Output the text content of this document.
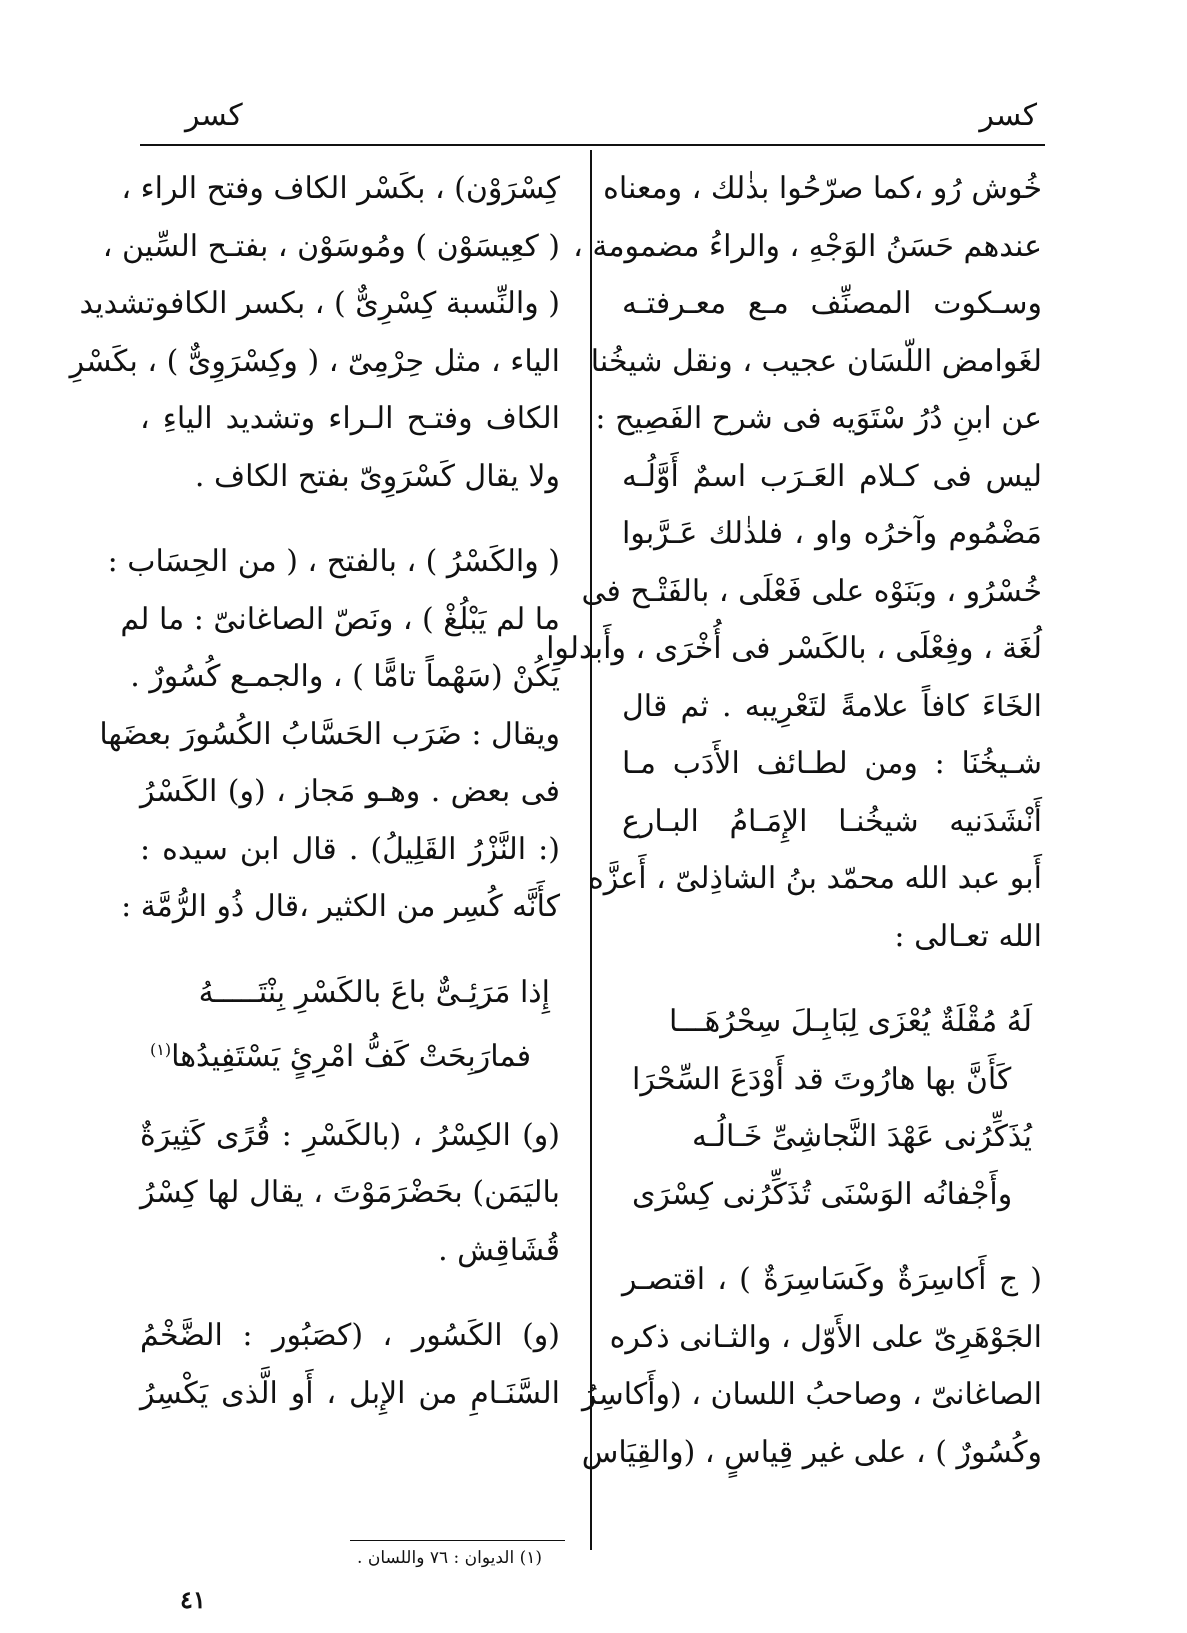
كسر
كسر
خُوش رُو ،كما صرّحُوا بذٰلك ، ومعناه
عندهم حَسَنُ الوَجْهِ ، والراءُ مضمومة ،
وسـكوت المصنِّف مـع معـرفتـه
لغَوامض اللّسَان عجيب ، ونقل شيخُنا
عن ابنِ دُرُ سْتَوَيه فى شرح الفَصِيح :
ليس فى كـلام العَـرَب اسمٌ أَوَّلُـه
مَضْمُوم وآخرُه واو ، فلذٰلك عَـرَّبوا
خُسْرُو ، وبَنَوْه على فَعْلَى ، بالفَتْـح فى
لُغَة ، وفِعْلَى ، بالكَسْر فى أُخْرَى ، وأَبدلوا
الخَاءَ كافاً علامةً لتَعْرِيبه . ثم قال
شـيخُنَا : ومن لطـائف الأَدَب مـا
أَنْشَدَنيه شيخُنـا الإِمَـامُ البـارع
أَبو عبد الله محمّد بنُ الشاذِلىّ ، أَعزَّه
الله تعـالى :
لَهُ مُقْلَةٌ يُعْزَى لِبَابِـلَ سِحْرُهَـــا
كَأَنَّ بها هارُوتَ قد أَوْدَعَ السِّحْرَا
يُذَكِّرُنى عَهْدَ النَّجاشِىِّ خَـالُـه
وأَجْفانُه الوَسْنَى تُذَكِّرُنى كِسْرَى
( ج أَكاسِرَةٌ وكَسَاسِرَةٌ ) ، اقتصـر
الجَوْهَرِىّ على الأَوّل ، والثـانى ذكره
الصاغانىّ ، وصاحبُ اللسان ، (وأَكاسِرُ
وكُسُورٌ ) ، على غير قِياسٍ ، (والقِيَاس
كِسْرَوْن) ، بكَسْر الكاف وفتح الراء ،
( كعِيسَوْن ) ومُوسَوْن ، بفتـح السِّين ،
( والنِّسبة كِسْرِىٌّ ) ، بكسر الكافوتشديد
الياء ، مثل حِرْمِىّ ، ( وكِسْرَوِىٌّ ) ، بكَسْرِ
الكاف وفتـح الـراء وتشديد الياءِ ،
ولا يقال كَسْرَوِىّ بفتح الكاف .
( والكَسْرُ ) ، بالفتح ، ( من الحِسَاب :
ما لم يَبْلُغْ ) ، ونَصّ الصاغانىّ : ما لم
يَكُنْ (سَهْماً تامًّا ) ، والجمـع كُسُورٌ .
ويقال : ضَرَب الحَسَّابُ الكُسُورَ بعضَها
فى بعض . وهـو مَجاز ، (و) الكَسْرُ
(: النَّزْرُ القَلِيلُ) . قال ابن سيده :
كأَنَّه كُسِر من الكثير ،قال ذُو الرُّمَّة :
إِذا مَرَئِـىٌّ باعَ بالكَسْرِ بِنْتَـــــهُ
فمارَبِحَتْ كَفُّ امْرِئٍ يَسْتَفِيدُها$^{(١)}$
(و) الكِسْرُ ، (بالكَسْرِ : قُرًى كَثِيرَةٌ
باليَمَن) بحَضْرَمَوْتَ ، يقال لها كِسْرُ
قُشَاقِش .
(و) الكَسُور ، (كصَبُور : الضَّخْمُ
السَّنَـامِ من الإِبل ، أَو الَّذى يَكْسِرُ
(١) الديوان : ٧٦ واللسان .
٤١
